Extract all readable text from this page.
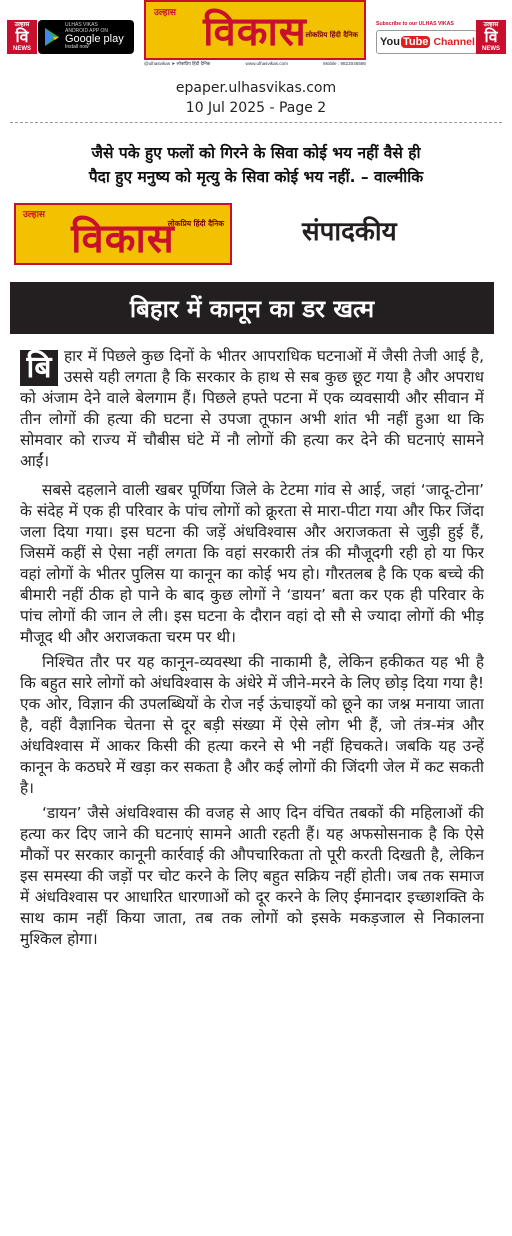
उल्हास
वि
NEWS
ULHAS VIKAS
ANDROID APP ON
Google play
Install now
उल्हास
लोकप्रिय हिंदी दैनिक
विकास
@ulhasvikas ➤ लोकप्रिय हिंदी दैनिक	www.ulhasvikas.com	Mobile : 9822046586
Subscribe to our ULHAS VIKAS
You Tube Channel
उल्हास
वि
NEWS
epaper.ulhasvikas.com
10 Jul 2025 - Page 2
जैसे पके हुए फलों को गिरने के सिवा कोई भय नहीं वैसे ही
पैदा हुए मनुष्य को मृत्यु के सिवा कोई भय नहीं. – वाल्मीकि
उल्हास
लोकप्रिय हिंदी दैनिक
विकास	संपादकीय
बिहार में कानून का डर खत्म

बि हार में पिछले कुछ दिनों के भीतर आपराधिक घटनाओं में जैसी तेजी आई है, उससे यही लगता है कि सरकार के हाथ से सब कुछ छूट गया है और अपराध को अंजाम देने वाले बेलगाम हैं। पिछले हफ्ते पटना में एक व्यवसायी और सीवान में तीन लोगों की हत्या की घटना से उपजा तूफान अभी शांत भी नहीं हुआ था कि सोमवार को राज्य में चौबीस घंटे में नौ लोगों की हत्या कर देने की घटनाएं सामने आईं।

सबसे दहलाने वाली खबर पूर्णिया जिले के टेटमा गांव से आई, जहां ‘जादू-टोना’ के संदेह में एक ही परिवार के पांच लोगों को क्रूरता से मारा-पीटा गया और फिर जिंदा जला दिया गया। इस घटना की जड़ें अंधविश्वास और अराजकता से जुड़ी हुई हैं, जिसमें कहीं से ऐसा नहीं लगता कि वहां सरकारी तंत्र की मौजूदगी रही हो या फिर वहां लोगों के भीतर पुलिस या कानून का कोई भय हो। गौरतलब है कि एक बच्चे की बीमारी नहीं ठीक हो पाने के बाद कुछ लोगों ने ‘डायन’ बता कर एक ही परिवार के पांच लोगों की जान ले ली। इस घटना के दौरान वहां दो सौ से ज्यादा लोगों की भीड़ मौजूद थी और अराजकता चरम पर थी।

निश्चित तौर पर यह कानून-व्यवस्था की नाकामी है, लेकिन हकीकत यह भी है कि बहुत सारे लोगों को अंधविश्वास के अंधेरे में जीने-मरने के लिए छोड़ दिया गया है! एक ओर, विज्ञान की उपलब्धियों के रोज नई ऊंचाइयों को छूने का जश्न मनाया जाता है, वहीं वैज्ञानिक चेतना से दूर बड़ी संख्या में ऐसे लोग भी हैं, जो तंत्र-मंत्र और अंधविश्वास में आकर किसी की हत्या करने से भी नहीं हिचकते। जबकि यह उन्हें कानून के कठघरे में खड़ा कर सकता है और कई लोगों की जिंदगी जेल में कट सकती है।

‘डायन’ जैसे अंधविश्वास की वजह से आए दिन वंचित तबकों की महिलाओं की हत्या कर दिए जाने की घटनाएं सामने आती रहती हैं। यह अफसोसनाक है कि ऐसे मौकों पर सरकार कानूनी कार्रवाई की औपचारिकता तो पूरी करती दिखती है, लेकिन इस समस्या की जड़ों पर चोट करने के लिए बहुत सक्रिय नहीं होती। जब तक समाज में अंधविश्वास पर आधारित धारणाओं को दूर करने के लिए ईमानदार इच्छाशक्ति के साथ काम नहीं किया जाता, तब तक लोगों को इसके मकड़जाल से निकालना मुश्किल होगा।
